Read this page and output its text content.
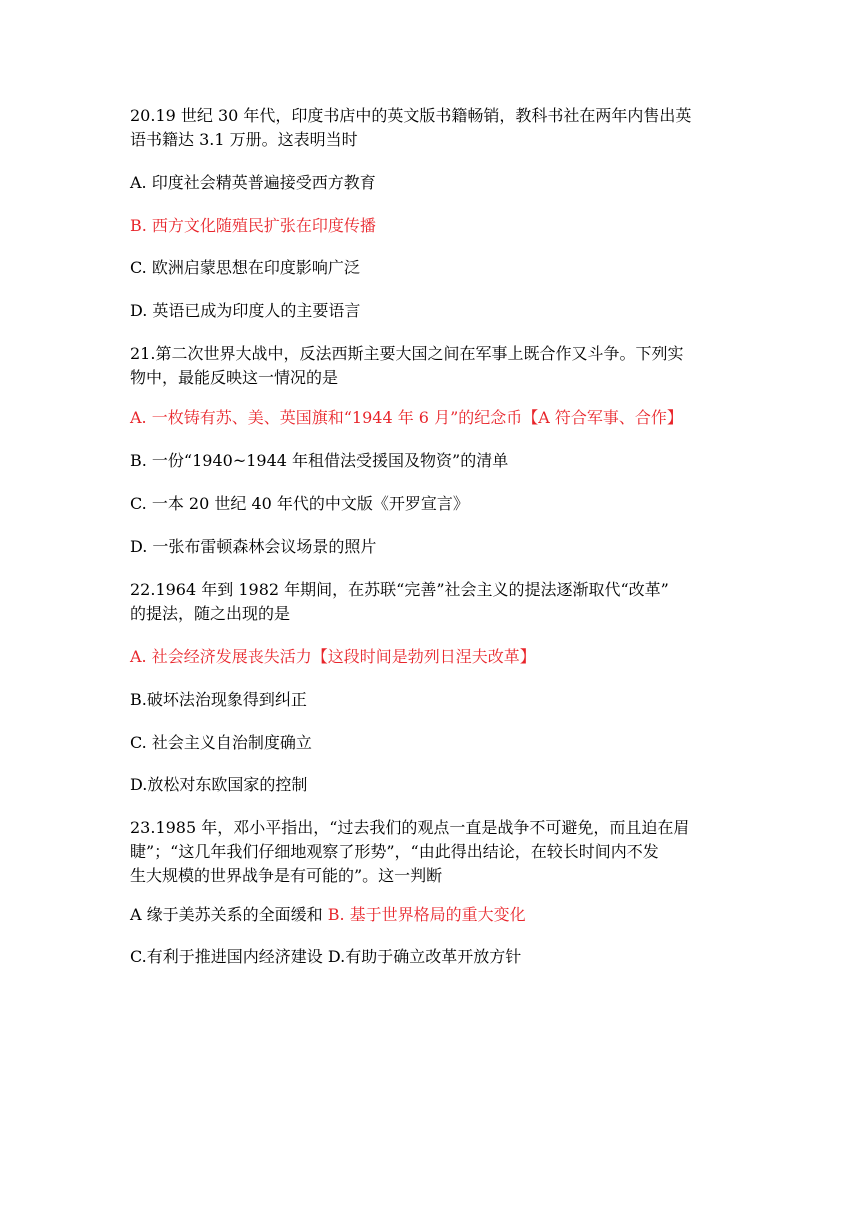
20.19 世纪 30 年代，印度书店中的英文版书籍畅销，教科书社在两年内售出英
语书籍达 3.1 万册。这表明当时
A. 印度社会精英普遍接受西方教育
B. 西方文化随殖民扩张在印度传播
C. 欧洲启蒙思想在印度影响广泛
D. 英语已成为印度人的主要语言
21.第二次世界大战中，反法西斯主要大国之间在军事上既合作又斗争。下列实
物中，最能反映这一情况的是
A. 一枚铸有苏、美、英国旗和“1944 年 6 月”的纪念币【A 符合军事、合作】
B. 一份“1940~1944 年租借法受援国及物资”的清单
C. 一本 20 世纪 40 年代的中文版《开罗宣言》
D. 一张布雷顿森林会议场景的照片
22.1964 年到 1982 年期间，在苏联“完善”社会主义的提法逐渐取代“改革”
的提法，随之出现的是
A. 社会经济发展丧失活力【这段时间是勃列日涅夫改革】
B.破坏法治现象得到纠正
C. 社会主义自治制度确立
D.放松对东欧国家的控制
23.1985 年，邓小平指出，“过去我们的观点一直是战争不可避免，而且迫在眉
睫”；“这几年我们仔细地观察了形势”，“由此得出结论，在较长时间内不发
生大规模的世界战争是有可能的”。这一判断
A 缘于美苏关系的全面缓和 B. 基于世界格局的重大变化
C.有利于推进国内经济建设 D.有助于确立改革开放方针
